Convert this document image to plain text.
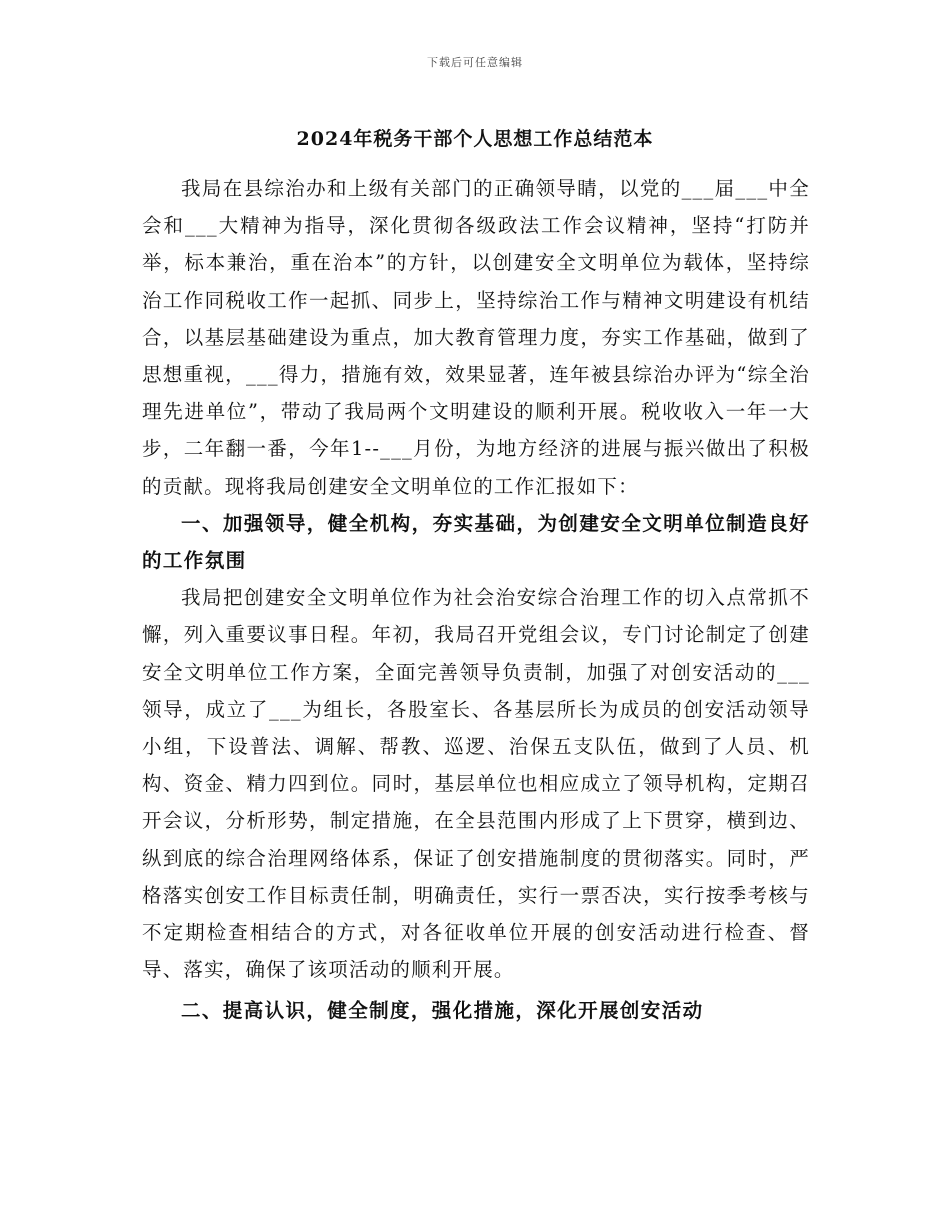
下载后可任意编辑
2024年税务干部个人思想工作总结范本

我局在县综治办和上级有关部门的正确领导睛，以党的___届___中全会和___大精神为指导，深化贯彻各级政法工作会议精神，坚持“打防并举，标本兼治，重在治本”的方针，以创建安全文明单位为载体，坚持综治工作同税收工作一起抓、同步上，坚持综治工作与精神文明建设有机结合，以基层基础建设为重点，加大教育管理力度，夯实工作基础，做到了思想重视，___得力，措施有效，效果显著，连年被县综治办评为“综全治理先进单位”，带动了我局两个文明建设的顺利开展。税收收入一年一大步，二年翻一番，今年1--___月份，为地方经济的进展与振兴做出了积极的贡献。现将我局创建安全文明单位的工作汇报如下：

一、加强领导，健全机构，夯实基础，为创建安全文明单位制造良好的工作氛围

我局把创建安全文明单位作为社会治安综合治理工作的切入点常抓不懈，列入重要议事日程。年初，我局召开党组会议，专门讨论制定了创建安全文明单位工作方案，全面完善领导负责制，加强了对创安活动的___领导，成立了___为组长，各股室长、各基层所长为成员的创安活动领导小组，下设普法、调解、帮教、巡逻、治保五支队伍，做到了人员、机构、资金、精力四到位。同时，基层单位也相应成立了领导机构，定期召开会议，分析形势，制定措施，在全县范围内形成了上下贯穿，横到边、纵到底的综合治理网络体系，保证了创安措施制度的贯彻落实。同时，严格落实创安工作目标责任制，明确责任，实行一票否决，实行按季考核与不定期检查相结合的方式，对各征收单位开展的创安活动进行检查、督导、落实，确保了该项活动的顺利开展。

二、提高认识，健全制度，强化措施，深化开展创安活动
